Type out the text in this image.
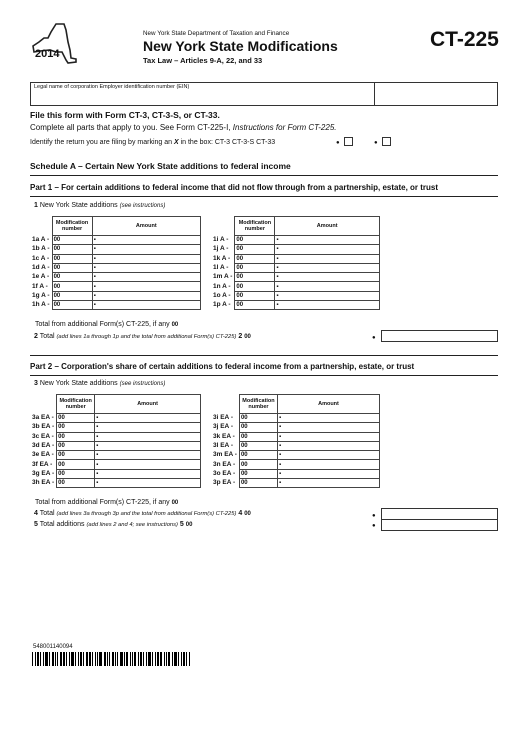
2014
New York State Department of Taxation and Finance
New York State Modifications
Tax Law – Articles 9-A, 22, and 33
CT-225
Legal name of corporation Employer identification number (EIN)
File this form with Form CT-3, CT-3-S, or CT-33.
Complete all parts that apply to you. See Form CT-225-I, Instructions for Form CT-225.
Identify the return you are filing by marking an X in the box: CT-3 CT-3-S CT-33	●	●
Schedule A – Certain New York State additions to federal income
Part 1 – For certain additions to federal income that did not flow through from a partnership, estate, or trust
1 New York State additions (see instructions)
	Modification number	Amount
1a A -	00	▪
1b A -	00	▪
1c A -	00	▪
1d A -	00	▪
1e A -	00	▪
1f A -	00	▪
1g A -	00	▪
1h A -	00	▪
	Modification number	Amount
1i A -	00	▪
1j A -	00	▪
1k A -	00	▪
1l A -	00	▪
1m A -	00	▪
1n A -	00	▪
1o A -	00	▪
1p A -	00	▪
Total from additional Form(s) CT-225, if any 00
2 Total (add lines 1a through 1p and the total from additional Form(s) CT-225) 2 00	●
Part 2 – Corporation's share of certain additions to federal income from a partnership, estate, or trust
3 New York State additions (see instructions)
	Modification number	Amount
3a EA -	00	▪
3b EA -	00	▪
3c EA -	00	▪
3d EA -	00	▪
3e EA -	00	▪
3f EA -	00	▪
3g EA -	00	▪
3h EA -	00	▪
	Modification number	Amount
3i EA -	00	▪
3j EA -	00	▪
3k EA -	00	▪
3l EA -	00	▪
3m EA -	00	▪
3n EA -	00	▪
3o EA -	00	▪
3p EA -	00	▪
Total from additional Form(s) CT-225, if any 00
4 Total (add lines 3a through 3p and the total from additional Form(s) CT-225) 4 00	●
5 Total additions (add lines 2 and 4; see instructions) 5 00	●
548001140094
